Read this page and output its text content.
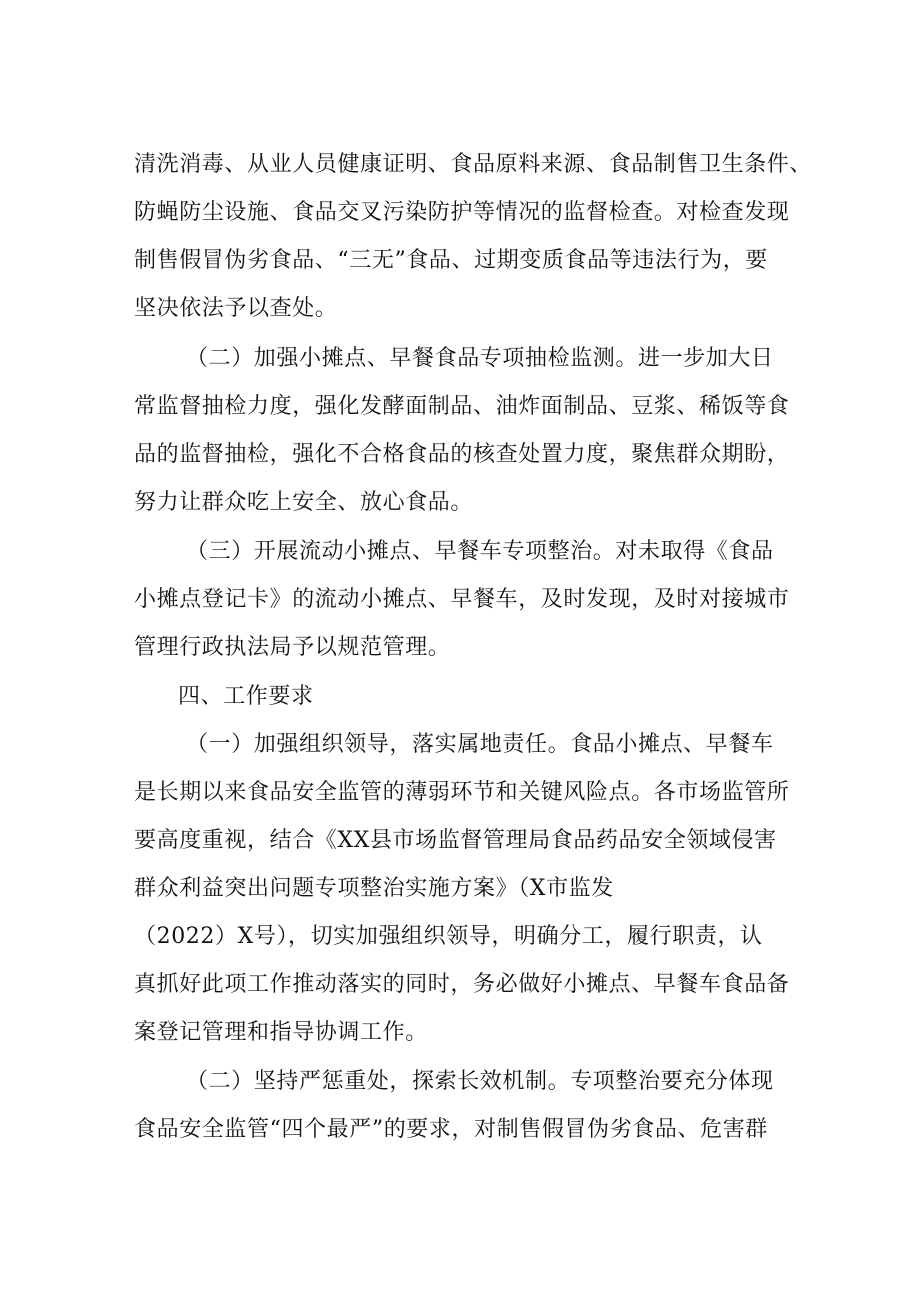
清洗消毒、从业人员健康证明、食品原料来源、食品制售卫生条件、
防蝇防尘设施、食品交叉污染防护等情况的监督检查。对检查发现
制售假冒伪劣食品、“三无”食品、过期变质食品等违法行为，要
坚决依法予以查处。
（二）加强小摊点、早餐食品专项抽检监测。进一步加大日
常监督抽检力度，强化发酵面制品、油炸面制品、豆浆、稀饭等食
品的监督抽检，强化不合格食品的核查处置力度，聚焦群众期盼，
努力让群众吃上安全、放心食品。
（三）开展流动小摊点、早餐车专项整治。对未取得《食品
小摊点登记卡》的流动小摊点、早餐车，及时发现，及时对接城市
管理行政执法局予以规范管理。
四、工作要求
（一）加强组织领导，落实属地责任。食品小摊点、早餐车
是长期以来食品安全监管的薄弱环节和关键风险点。各市场监管所
要高度重视，结合《XX县市场监督管理局食品药品安全领域侵害
群众利益突出问题专项整治实施方案》（X市监发
（2022）X号），切实加强组织领导，明确分工，履行职责，认
真抓好此项工作推动落实的同时，务必做好小摊点、早餐车食品备
案登记管理和指导协调工作。
（二）坚持严惩重处，探索长效机制。专项整治要充分体现
食品安全监管“四个最严”的要求，对制售假冒伪劣食品、危害群
